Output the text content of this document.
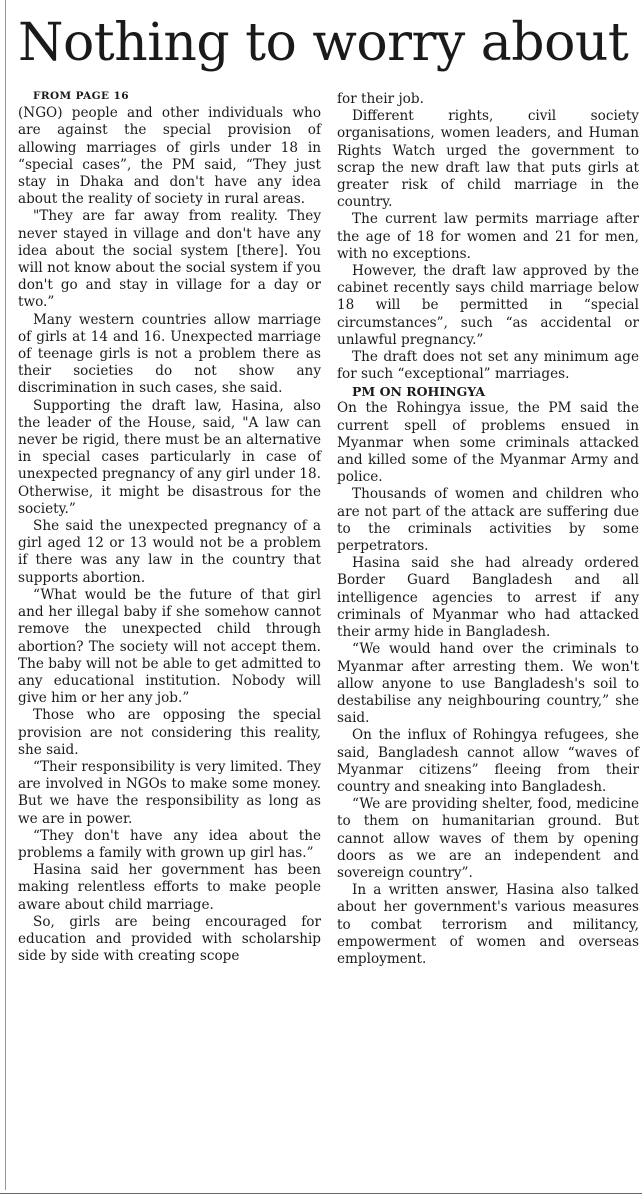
Nothing to worry about

FROM PAGE 16

(NGO) people and other individuals who are against the special provision of allowing marriages of girls under 18 in “special cases”, the PM said, “They just stay in Dhaka and don't have any idea about the reality of society in rural areas.

"They are far away from reality. They never stayed in village and don't have any idea about the social system [there]. You will not know about the social system if you don't go and stay in village for a day or two.”

Many western countries allow marriage of girls at 14 and 16. Unexpected marriage of teenage girls is not a problem there as their societies do not show any discrimination in such cases, she said.

Supporting the draft law, Hasina, also the leader of the House, said, "A law can never be rigid, there must be an alternative in special cases particularly in case of unexpected pregnancy of any girl under 18. Otherwise, it might be disastrous for the society.”

She said the unexpected pregnancy of a girl aged 12 or 13 would not be a problem if there was any law in the country that supports abortion.

“What would be the future of that girl and her illegal baby if she somehow cannot remove the unexpected child through abortion? The society will not accept them. The baby will not be able to get admitted to any educational institution. Nobody will give him or her any job.”

Those who are opposing the special provision are not considering this reality, she said.

“Their responsibility is very limited. They are involved in NGOs to make some money. But we have the responsibility as long as we are in power.

“They don't have any idea about the problems a family with grown up girl has.”

Hasina said her government has been making relentless efforts to make people aware about child marriage.

So, girls are being encouraged for education and provided with scholarship side by side with creating scope

for their job.

Different rights, civil society organisations, women leaders, and Human Rights Watch urged the government to scrap the new draft law that puts girls at greater risk of child marriage in the country.

The current law permits marriage after the age of 18 for women and 21 for men, with no exceptions.

However, the draft law approved by the cabinet recently says child marriage below 18 will be permitted in “special circumstances”, such “as accidental or unlawful pregnancy.”

The draft does not set any minimum age for such “exceptional” marriages.

PM ON ROHINGYA

On the Rohingya issue, the PM said the current spell of problems ensued in Myanmar when some criminals attacked and killed some of the Myanmar Army and police.

Thousands of women and children who are not part of the attack are suffering due to the criminals activities by some perpetrators.

Hasina said she had already ordered Border Guard Bangladesh and all intelligence agencies to arrest if any criminals of Myanmar who had attacked their army hide in Bangladesh.

“We would hand over the criminals to Myanmar after arresting them. We won't allow anyone to use Bangladesh's soil to destabilise any neighbouring country,” she said.

On the influx of Rohingya refugees, she said, Bangladesh cannot allow “waves of Myanmar citizens” fleeing from their country and sneaking into Bangladesh.

“We are providing shelter, food, medicine to them on humanitarian ground. But cannot allow waves of them by opening doors as we are an independent and sovereign country”.

In a written answer, Hasina also talked about her government's various measures to combat terrorism and militancy, empowerment of women and overseas employment.
